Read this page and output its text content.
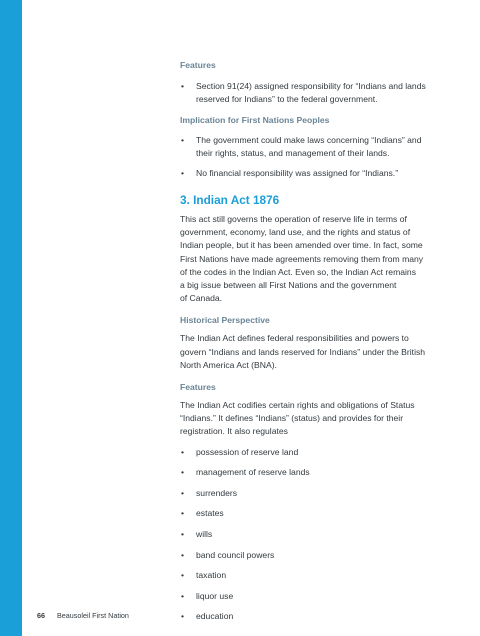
Features

• Section 91(24) assigned responsibility for “Indians and lands
reserved for Indians” to the federal government.

Implication for First Nations Peoples

• The government could make laws concerning “Indians” and
their rights, status, and management of their lands.
• No financial responsibility was assigned for “Indians.”
3. Indian Act 1876

This act still governs the operation of reserve life in terms of
government, economy, land use, and the rights and status of
Indian people, but it has been amended over time. In fact, some
First Nations have made agreements removing them from many
of the codes in the Indian Act. Even so, the Indian Act remains
a big issue between all First Nations and the government
of Canada.

Historical Perspective

The Indian Act defines federal responsibilities and powers to
govern “Indians and lands reserved for Indians” under the British
North America Act (BNA).

Features

The Indian Act codifies certain rights and obligations of Status
“Indians.” It defines “Indians” (status) and provides for their
registration. It also regulates

• possession of reserve land
• management of reserve lands
• surrenders
• estates
• wills
• band council powers
• taxation
• liquor use
• education
66 Beausoleil First Nation
